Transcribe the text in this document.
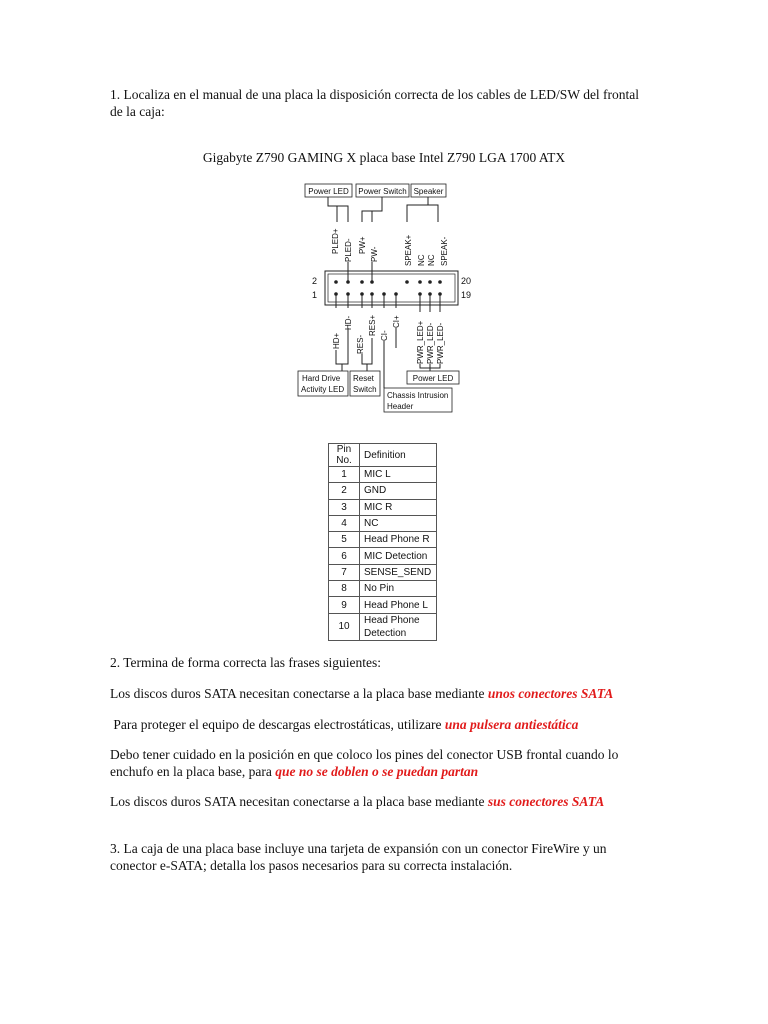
1. Localiza en el manual de una placa la disposición correcta de los cables de LED/SW del frontal de la caja:

Gigabyte Z790 GAMING X placa base Intel Z790 LGA 1700 ATX

Power LED Power Switch Speaker
PLED+ PLED- PW+
PW-	SPEAK+ NC NC SPEAK-
2
1
20
19
HD+
HD- RES+
RES- CI-
CI+ PWR_LED+ PWR_LED- PWR_LED-
Hard Drive
Activity LED
Reset
Switch
Chassis Intrusion
Header
Power LED
Pin No.	Definition
1	MIC L
2	GND
3	MIC R
4	NC
5	Head Phone R
6	MIC Detection
7	SENSE_SEND
8	No Pin
9	Head Phone L
10	Head Phone
Detection

2. Termina de forma correcta las frases siguientes:

Los discos duros SATA necesitan conectarse a la placa base mediante unos conectores SATA

Para proteger el equipo de descargas electrostáticas, utilizare una pulsera antiestática

Debo tener cuidado en la posición en que coloco los pines del conector USB frontal cuando lo

enchufo en la placa base, para que no se doblen o se puedan partan

Los discos duros SATA necesitan conectarse a la placa base mediante sus conectores SATA

3. La caja de una placa base incluye una tarjeta de expansión con un conector FireWire y un

conector e-SATA; detalla los pasos necesarios para su correcta instalación.
